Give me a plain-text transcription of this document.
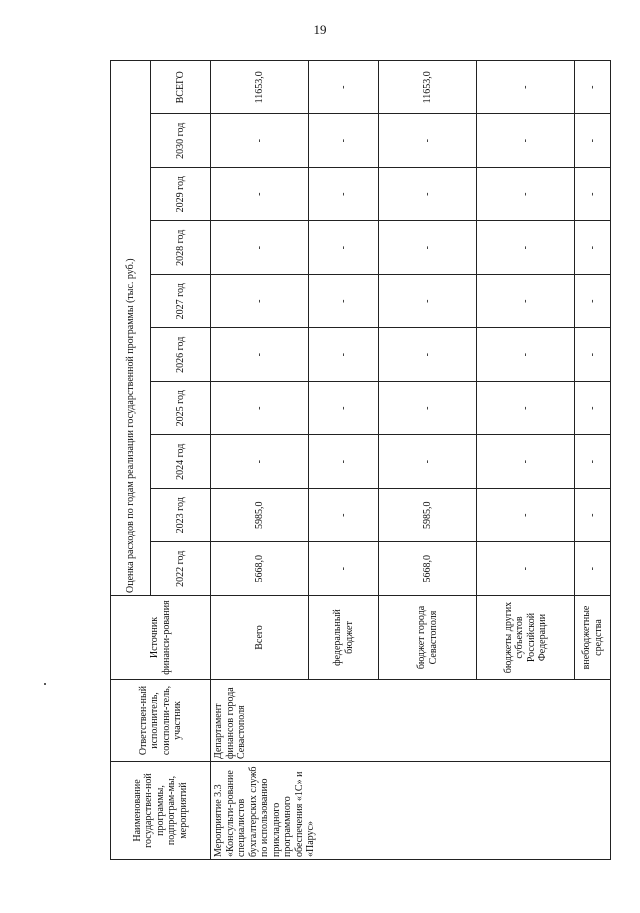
19
Наименование государствен-ной программы, подпрограм-мы, мероприятий	Ответствен-ный исполнитель, соисполни-тель, участник	Источник финанси-рования	Оценка расходов по годам реализации государственной программы (тыс. руб.)									
			2022 год	2023 год	2024 год	2025 год	2026 год	2027 год	2028 год	2029 год	2030 год	ВСЕГО
Мероприятие 3.3 «Консульти-рование специалистов бухгалтерских служб по использованию прикладного программного обеспечения «1С» и «Парус»	Департамент финансов города Севастополя	Всего	5668,0	5985,0	-	-	-	-	-	-	-	11653,0
		федеральный бюджет	-	-	-	-	-	-	-	-	-	-
		бюджет города Севастополя	5668,0	5985,0	-	-	-	-	-	-	-	11653,0
		бюджеты других субъектов Российской Федерации	-	-	-	-	-	-	-	-	-	-
		внебюджетные средства	-	-	-	-	-	-	-	-	-	-
